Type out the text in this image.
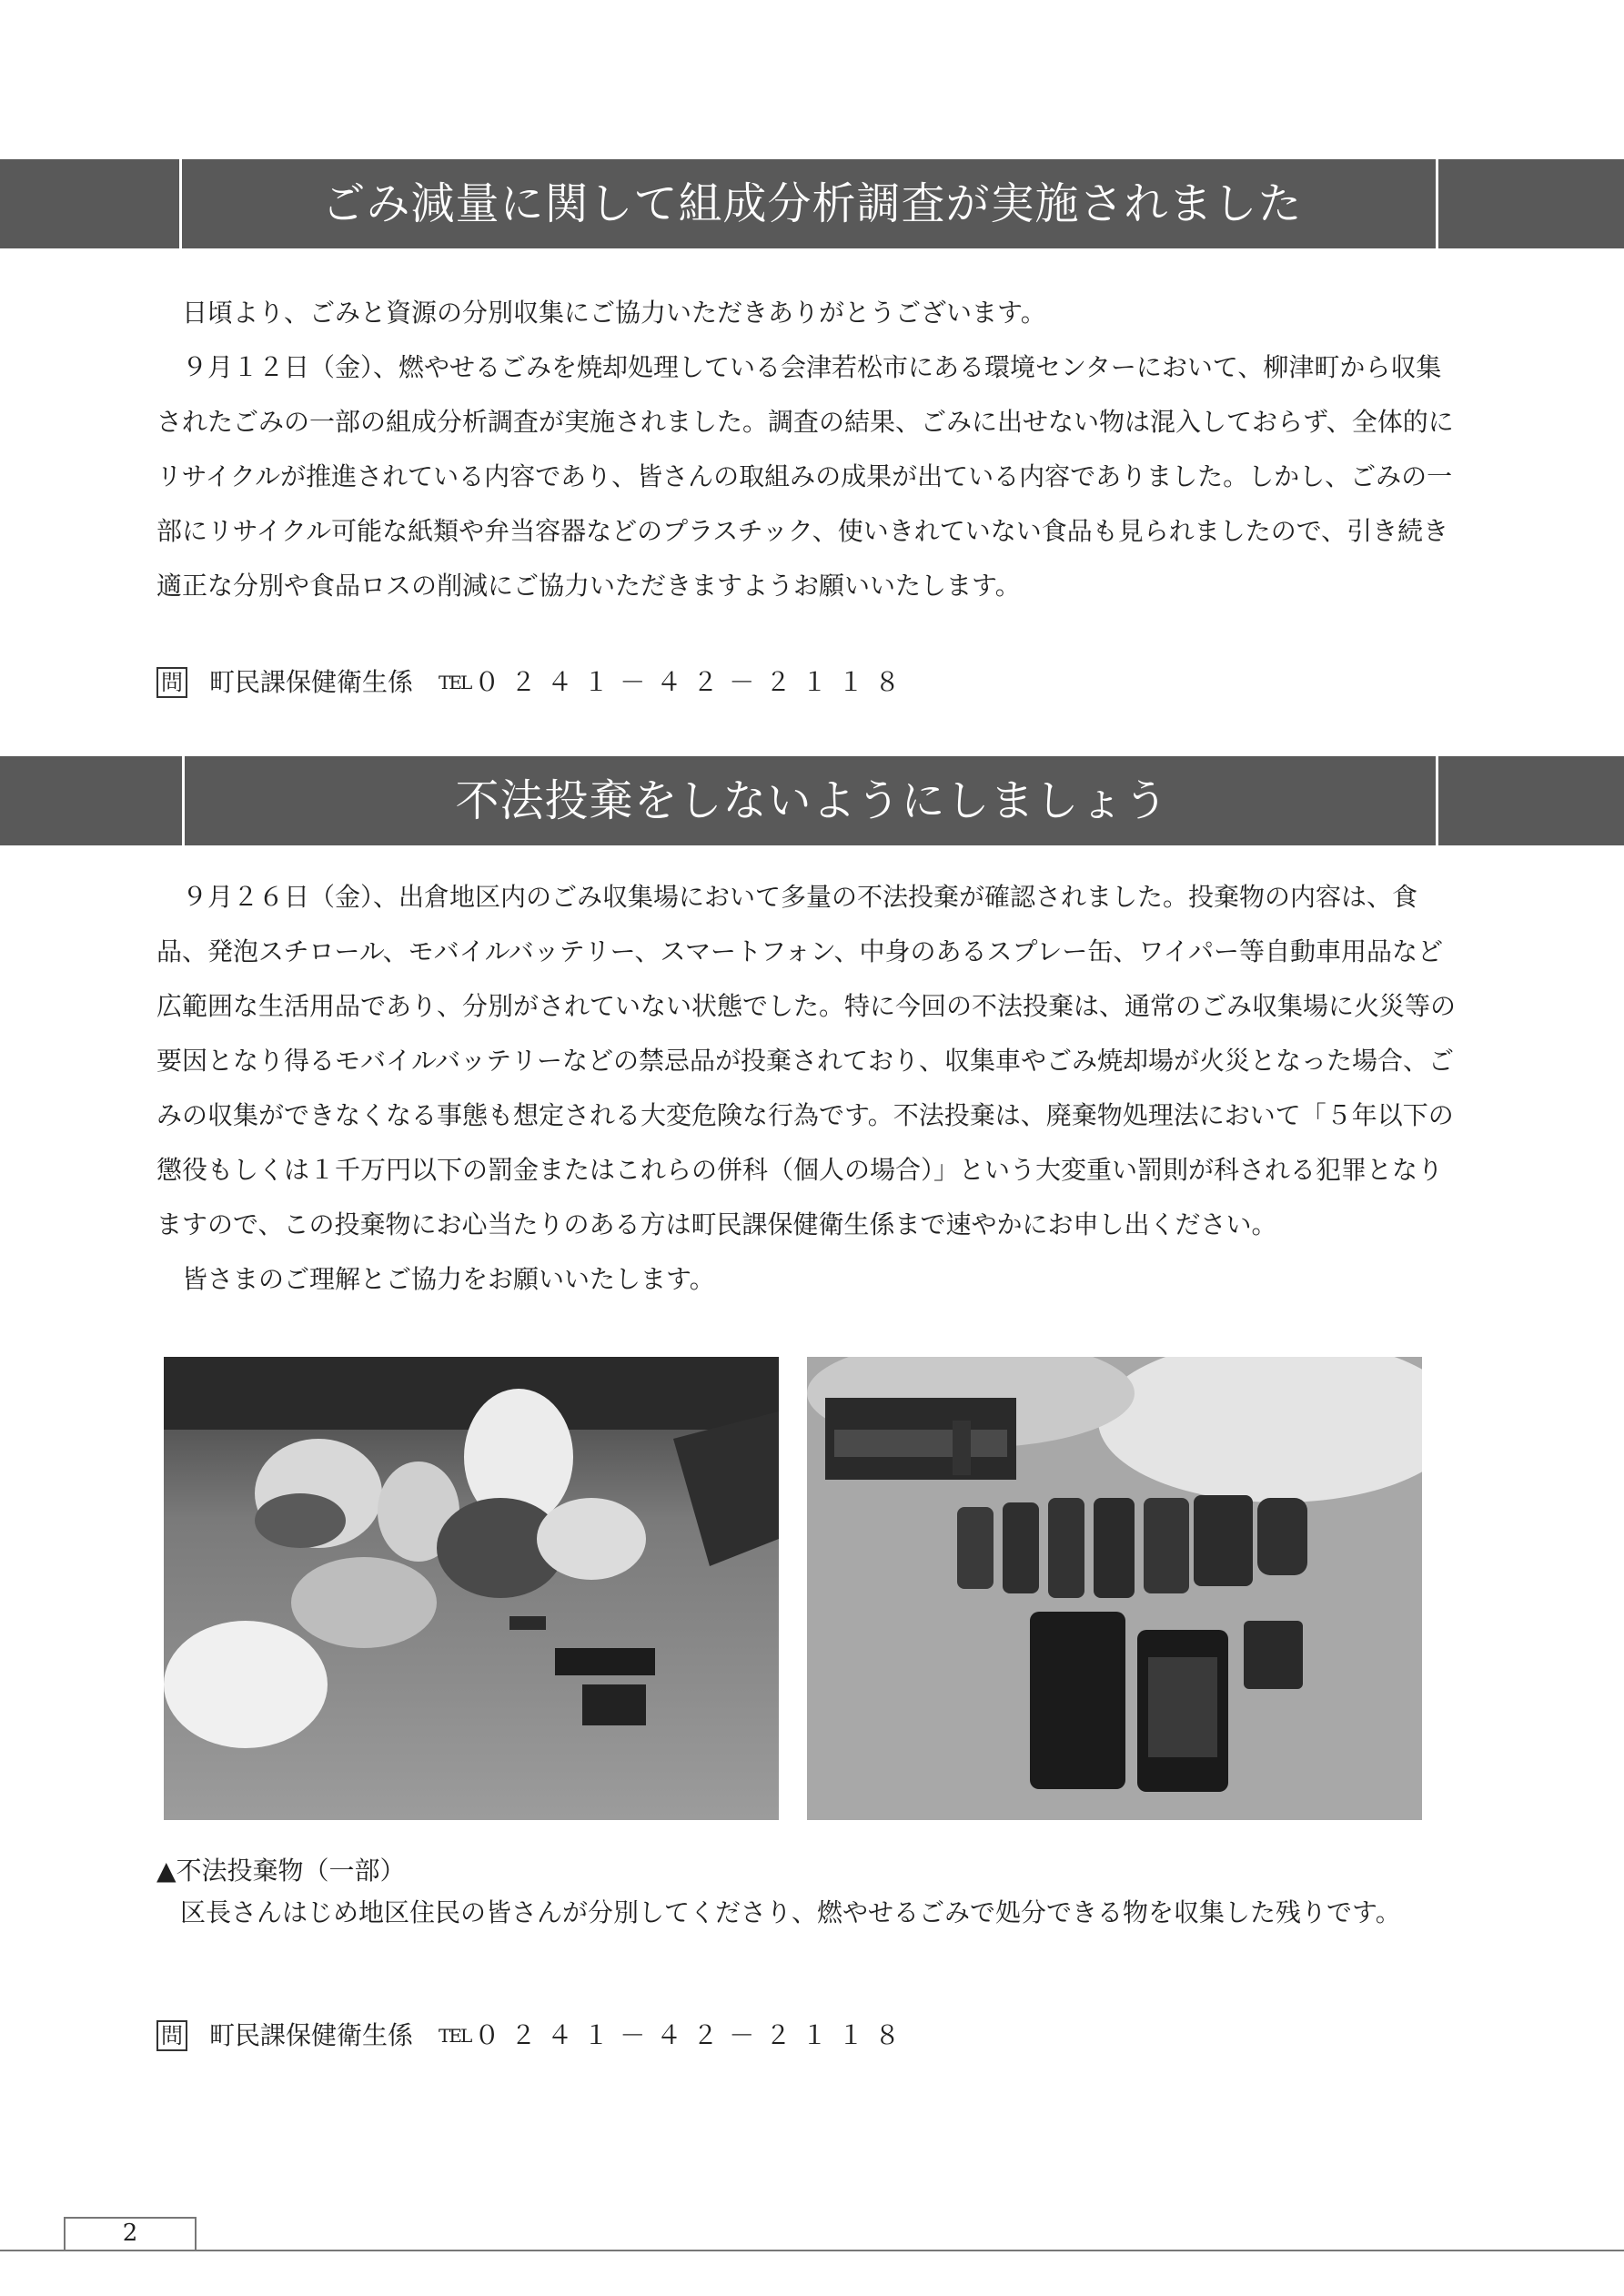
ごみ減量に関して組成分析調査が実施されました

日頃より、ごみと資源の分別収集にご協力いただきありがとうございます。

９月１２日（金）、燃やせるごみを焼却処理している会津若松市にある環境センターにおいて、柳津町から収集されたごみの一部の組成分析調査が実施されました。調査の結果、ごみに出せない物は混入しておらず、全体的にリサイクルが推進されている内容であり、皆さんの取組みの成果が出ている内容でありました。しかし、ごみの一部にリサイクル可能な紙類や弁当容器などのプラスチック、使いきれていない食品も見られましたので、引き続き適正な分別や食品ロスの削減にご協力いただきますようお願いいたします。

問 町民課保健衛生係 TEL ０２４１－４２－２１１８
不法投棄をしないようにしましょう

９月２６日（金）、出倉地区内のごみ収集場において多量の不法投棄が確認されました。投棄物の内容は、食品、発泡スチロール、モバイルバッテリー、スマートフォン、中身のあるスプレー缶、ワイパー等自動車用品など広範囲な生活用品であり、分別がされていない状態でした。特に今回の不法投棄は、通常のごみ収集場に火災等の要因となり得るモバイルバッテリーなどの禁忌品が投棄されており、収集車やごみ焼却場が火災となった場合、ごみの収集ができなくなる事態も想定される大変危険な行為です。不法投棄は、廃棄物処理法において「５年以下の懲役もしくは１千万円以下の罰金またはこれらの併科（個人の場合）」という大変重い罰則が科される犯罪となりますので、この投棄物にお心当たりのある方は町民課保健衛生係まで速やかにお申し出ください。

皆さまのご理解とご協力をお願いいたします。

▲不法投棄物（一部）
区長さんはじめ地区住民の皆さんが分別してくださり、燃やせるごみで処分できる物を収集した残りです。
問 町民課保健衛生係 TEL ０２４１－４２－２１１８
2
